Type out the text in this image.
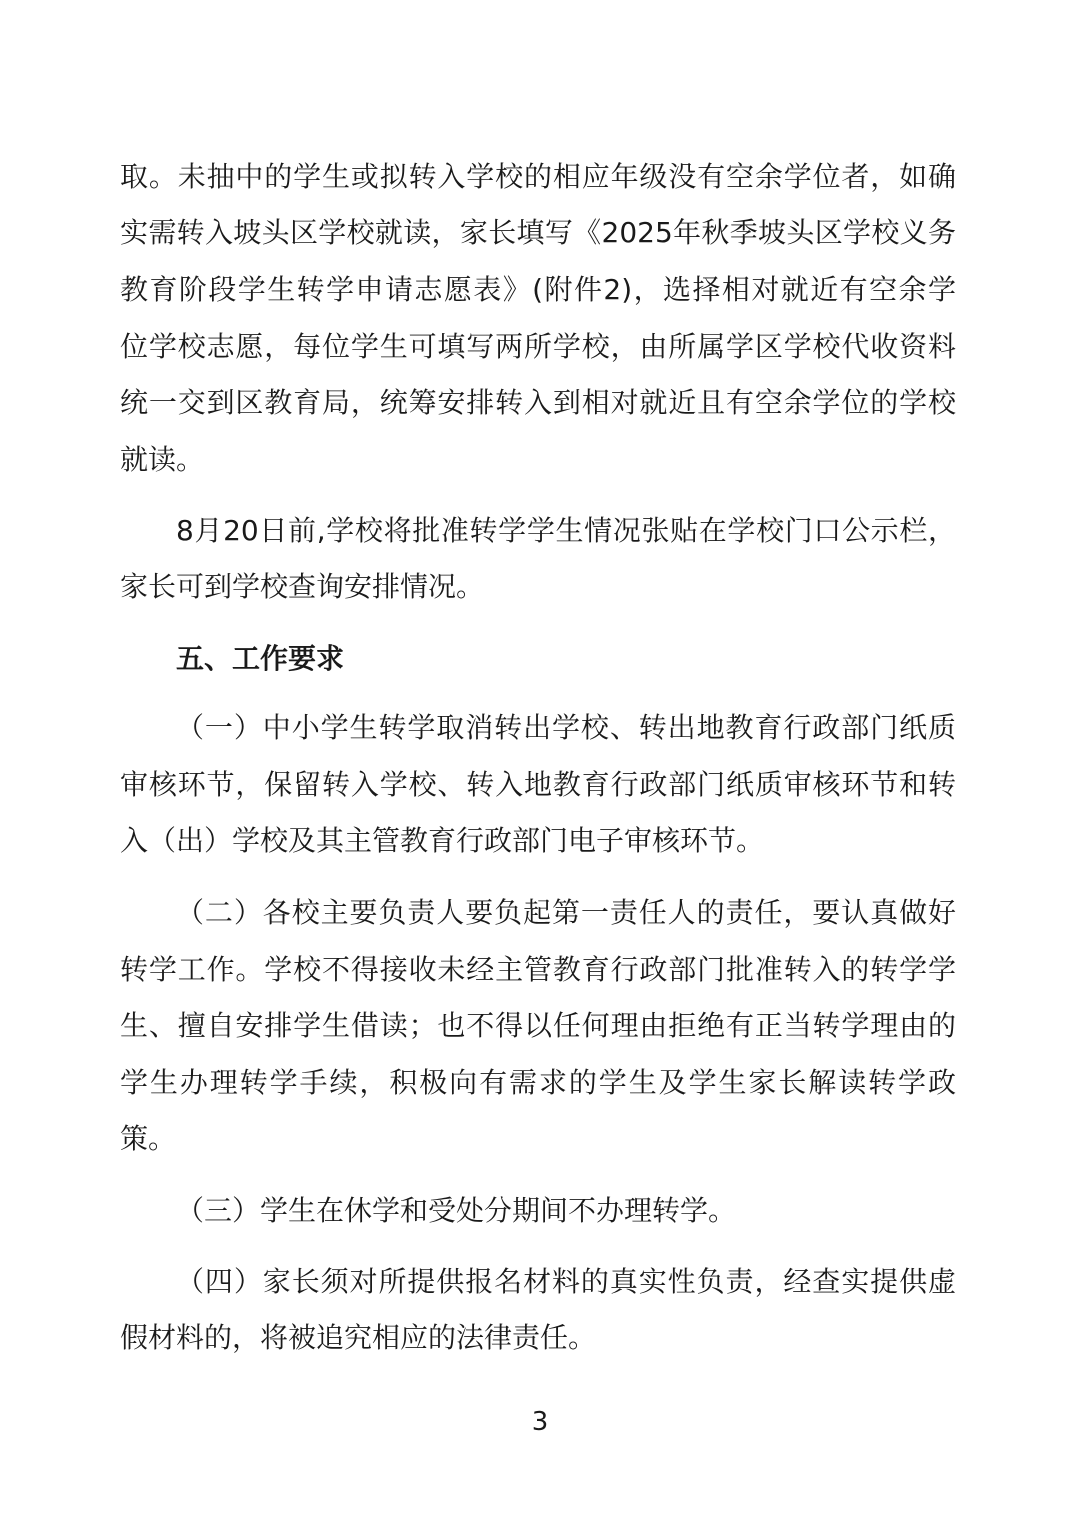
取。未抽中的学生或拟转入学校的相应年级没有空余学位者，如确
实需转入坡头区学校就读，家长填写《2025年秋季坡头区学校义务
教育阶段学生转学申请志愿表》(附件2)，选择相对就近有空余学
位学校志愿，每位学生可填写两所学校，由所属学区学校代收资料
统一交到区教育局，统筹安排转入到相对就近且有空余学位的学校
就读。
8月20日前,学校将批准转学学生情况张贴在学校门口公示栏，
家长可到学校查询安排情况。
五、工作要求
（一）中小学生转学取消转出学校、转出地教育行政部门纸质
审核环节，保留转入学校、转入地教育行政部门纸质审核环节和转
入（出）学校及其主管教育行政部门电子审核环节。
（二）各校主要负责人要负起第一责任人的责任，要认真做好
转学工作。学校不得接收未经主管教育行政部门批准转入的转学学
生、擅自安排学生借读；也不得以任何理由拒绝有正当转学理由的
学生办理转学手续，积极向有需求的学生及学生家长解读转学政
策。
（三）学生在休学和受处分期间不办理转学。
（四）家长须对所提供报名材料的真实性负责，经查实提供虚
假材料的，将被追究相应的法律责任。
3
